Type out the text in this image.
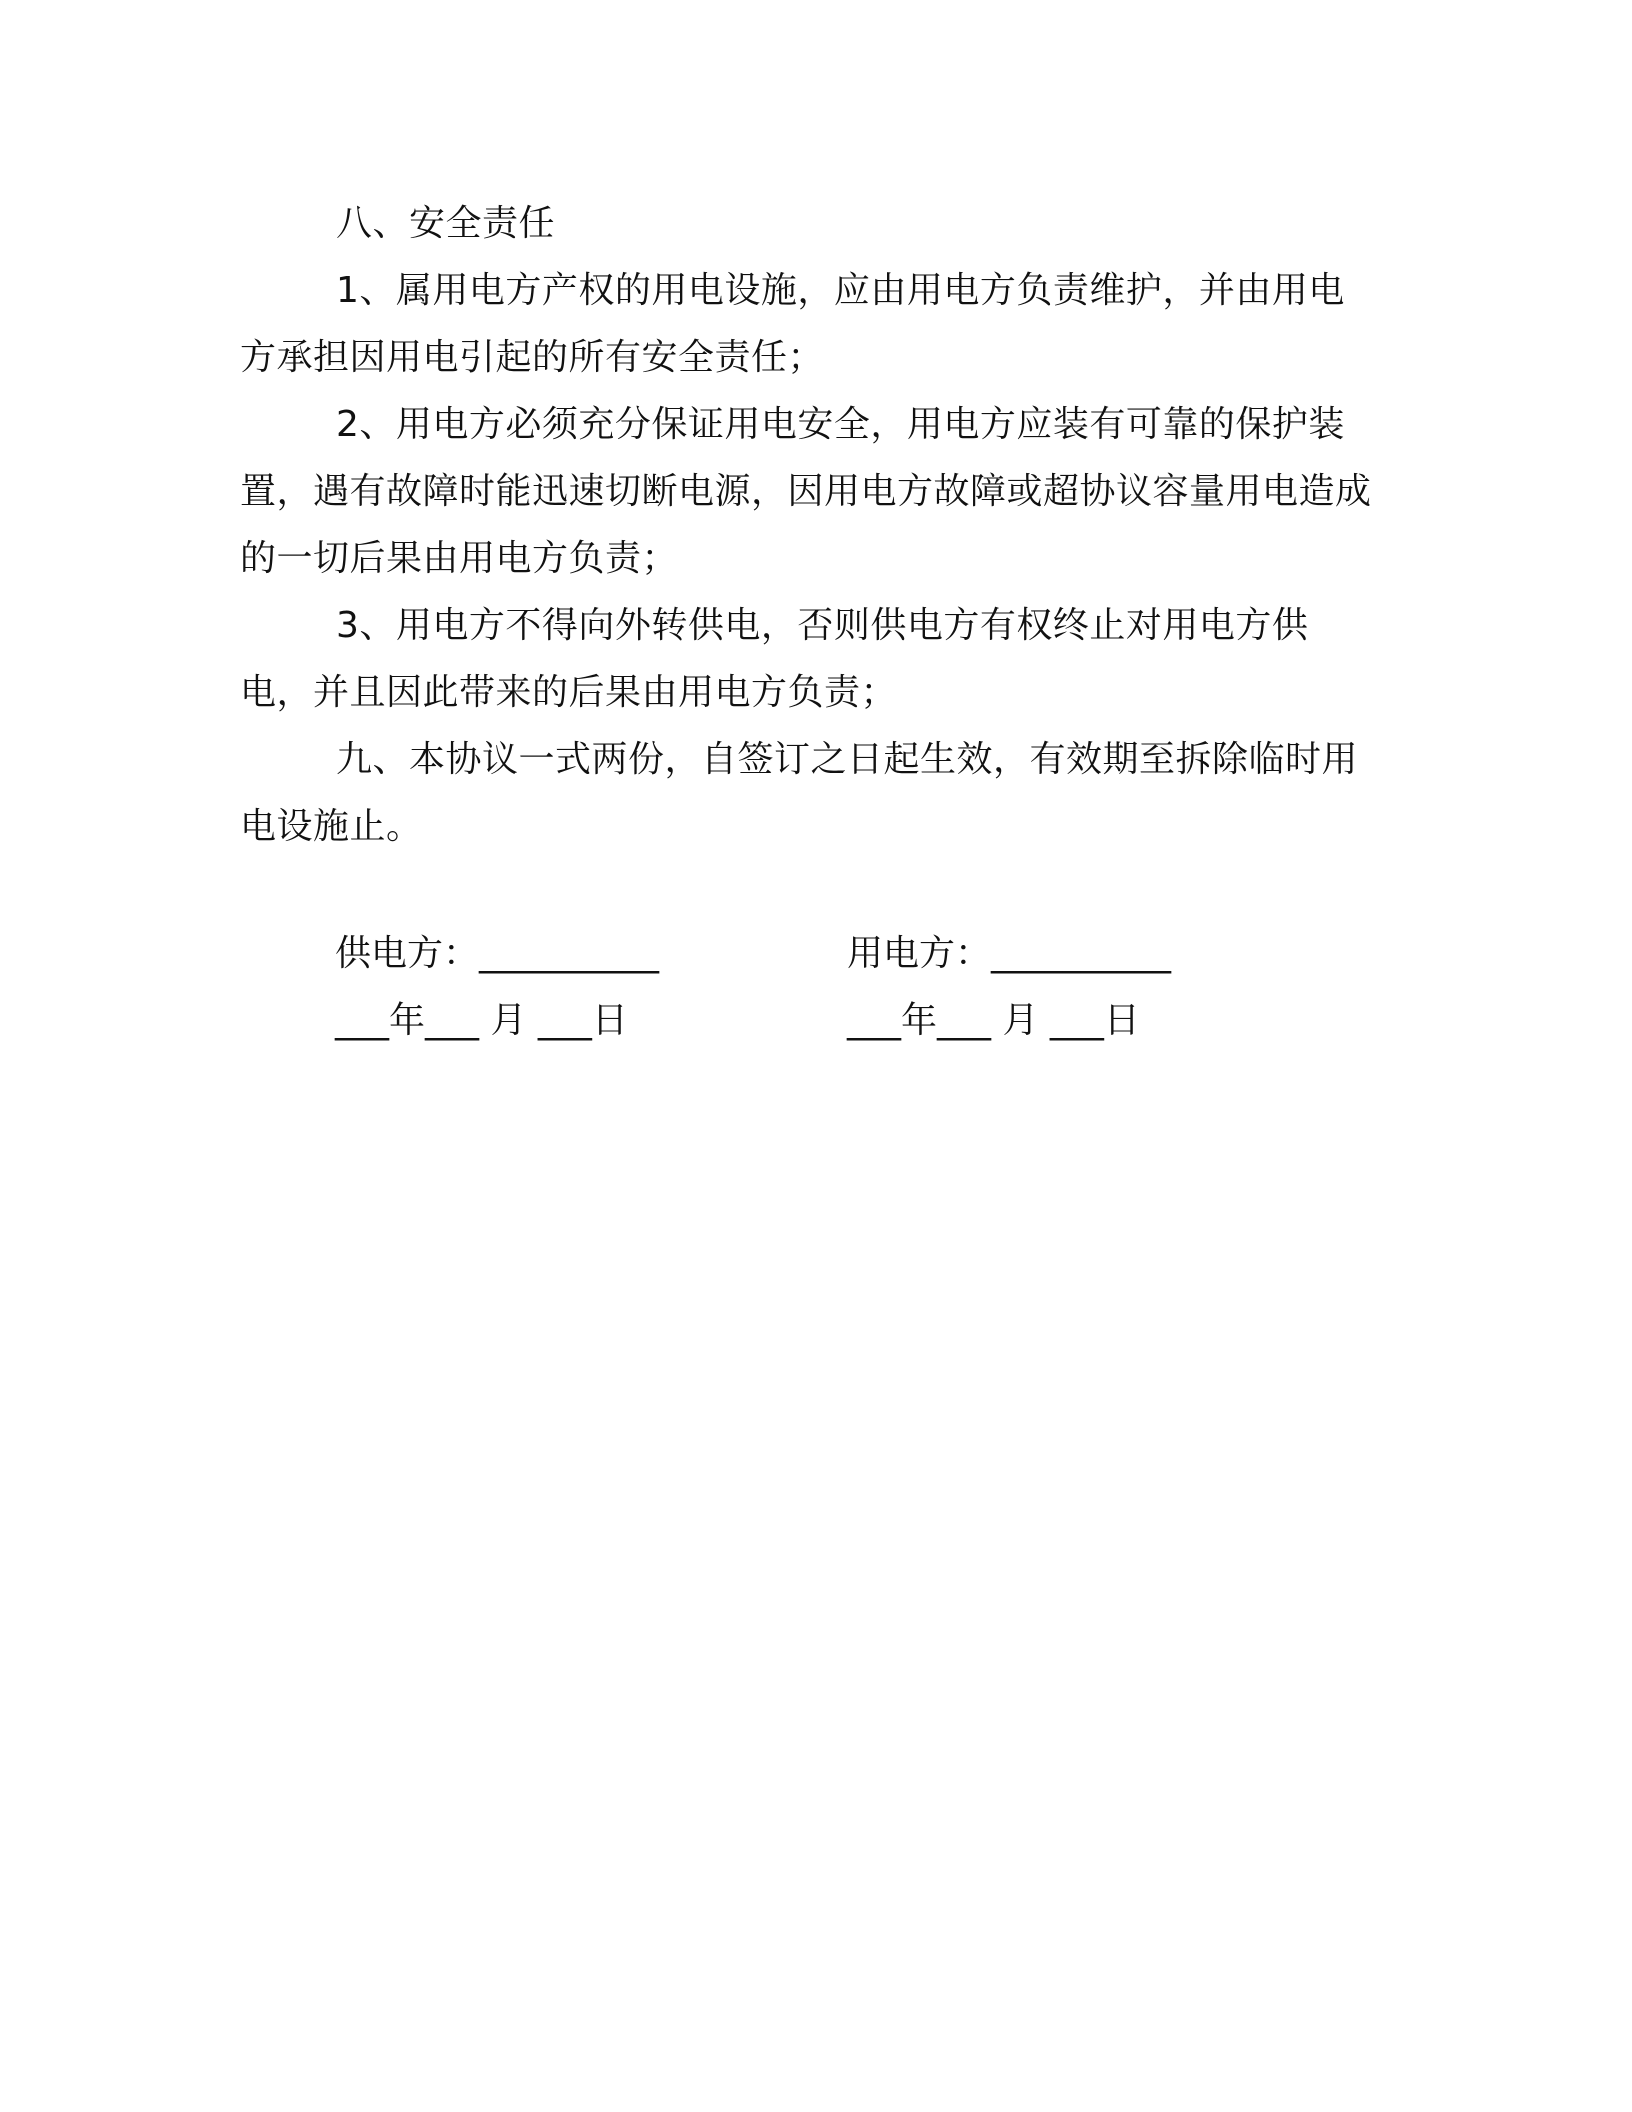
八、安全责任

1、属用电方产权的用电设施，应由用电方负责维护，并由用电方承担因用电引起的所有安全责任；

2、用电方必须充分保证用电安全，用电方应装有可靠的保护装置，遇有故障时能迅速切断电源，因用电方故障或超协议容量用电造成的一切后果由用电方负责；

3、用电方不得向外转供电，否则供电方有权终止对用电方供电，并且因此带来的后果由用电方负责；

九、本协议一式两份，自签订之日起生效，有效期至拆除临时用电设施止。

供电方：__________	用电方：__________
___年___ 月 ___日	___年___ 月 ___日
